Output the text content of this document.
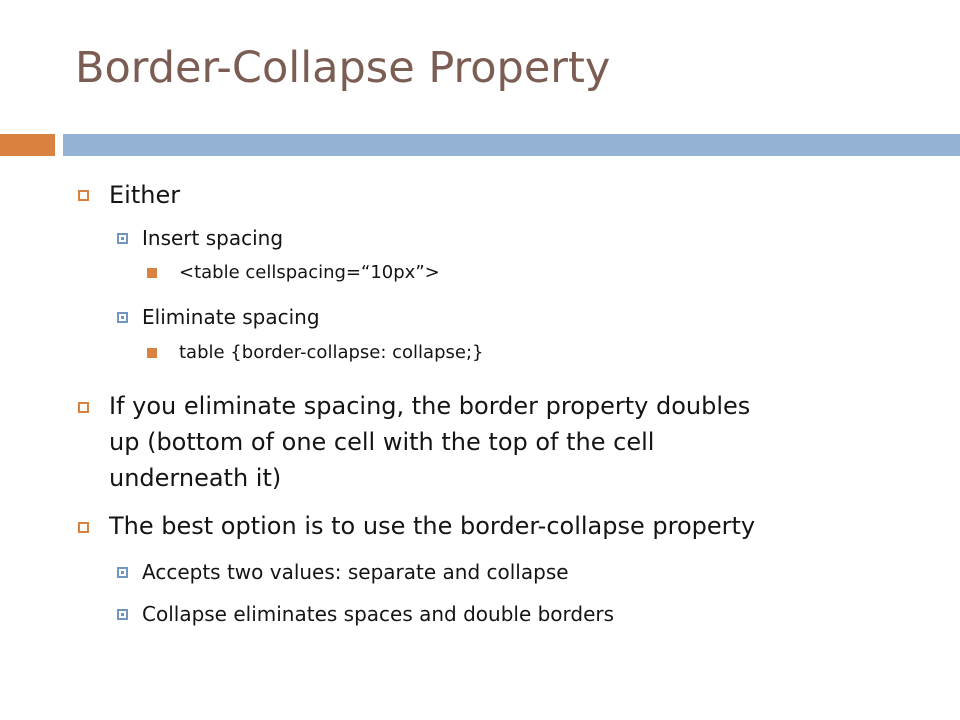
Border-Collapse Property
Either
Insert spacing
<table cellspacing=“10px”>
Eliminate spacing
table {border-collapse: collapse;}
If you eliminate spacing, the border property doubles
up (bottom of one cell with the top of the cell
underneath it)
The best option is to use the border-collapse property
Accepts two values: separate and collapse
Collapse eliminates spaces and double borders
